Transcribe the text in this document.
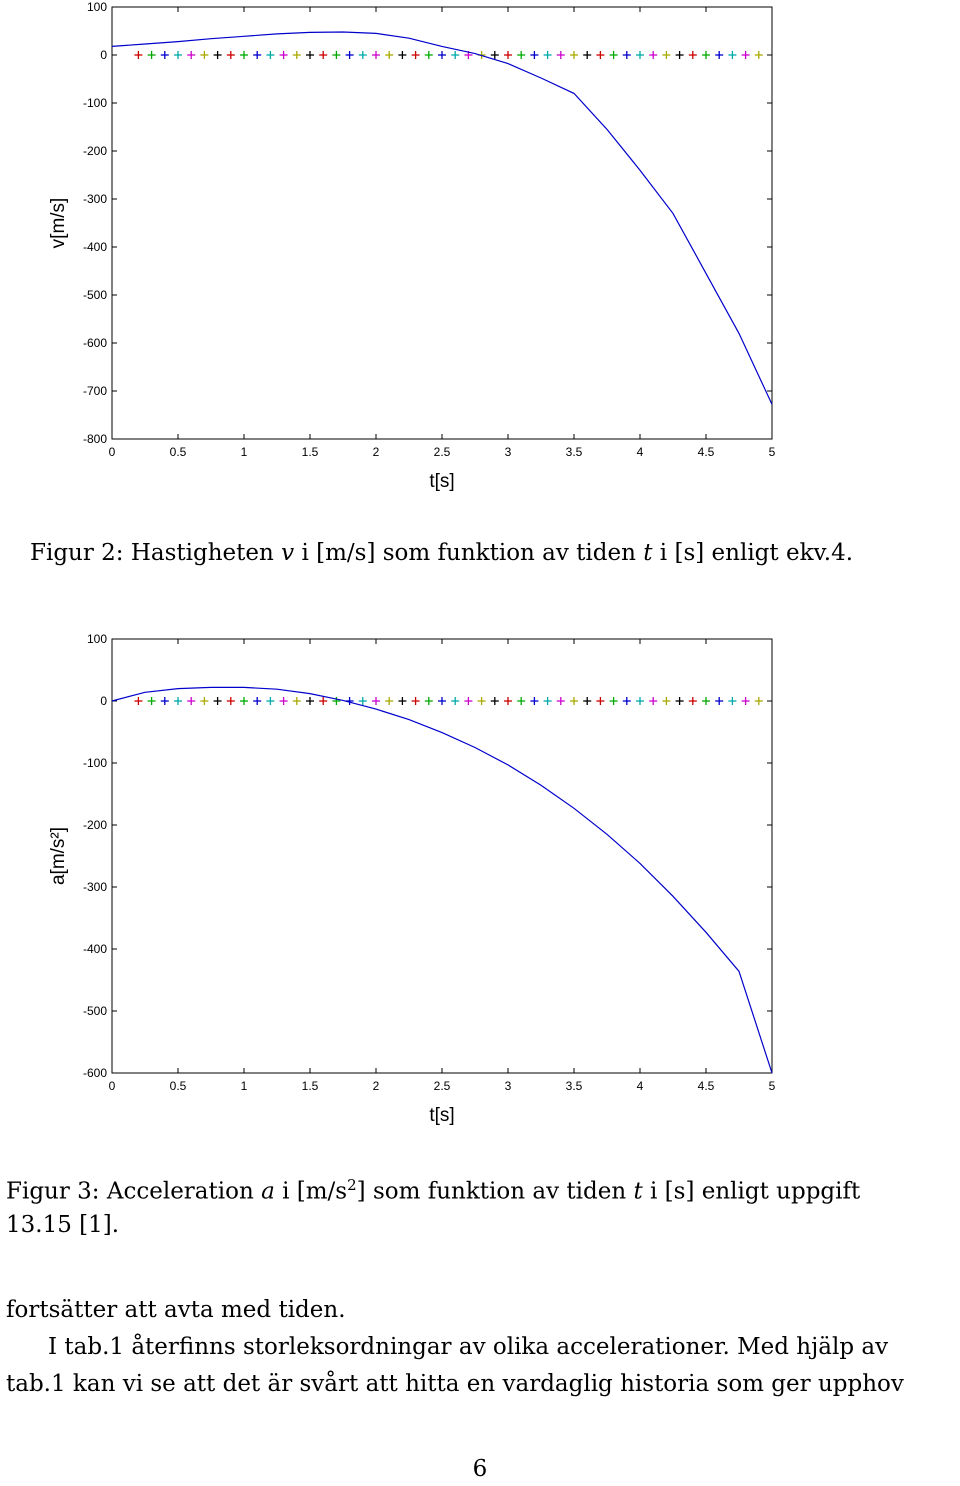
0	0.5	1	1.5	2	2.5	3	3.5	4	4.5	5
100
0
-100
-200
-300
-400
-500
-600
-700
-800
t[s]
v[m/s]
Figur 2: Hastigheten v i [m/s] som funktion av tiden t i [s] enligt ekv.4.
0	0.5	1	1.5	2	2.5	3	3.5	4	4.5	5
100
0
-100
-200
-300
-400
-500
-600
t[s]
a[m/s²]
Figur 3: Acceleration a i $[m/s^2]$ som funktion av tiden t i [s] enligt uppgift
13.15 [1].
fortsätter att avta med tiden.
I tab.1 återfinns storleksordningar av olika accelerationer. Med hjälp av
tab.1 kan vi se att det är svårt att hitta en vardaglig historia som ger upphov
6
